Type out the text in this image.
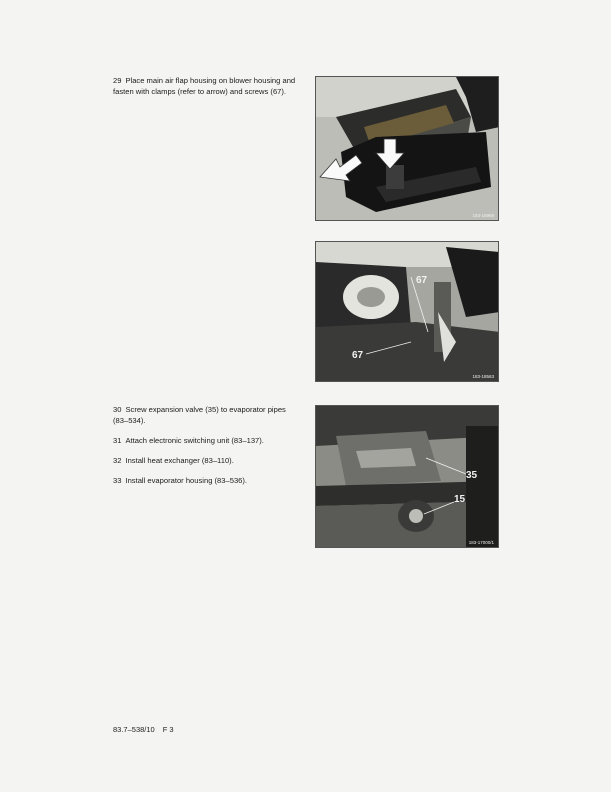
29 Place main air flap housing on blower housing and fasten with clamps (refer to arrow) and screws (67).
183-18969
67
67
183-18563
30 Screw expansion valve (35) to evaporator pipes (83–534).
31 Attach electronic switching unit (83–137).
32 Install heat exchanger (83–110).
33 Install evaporator housing (83–536).	35
15
183-17000/1
83.7–538/10 F 3
